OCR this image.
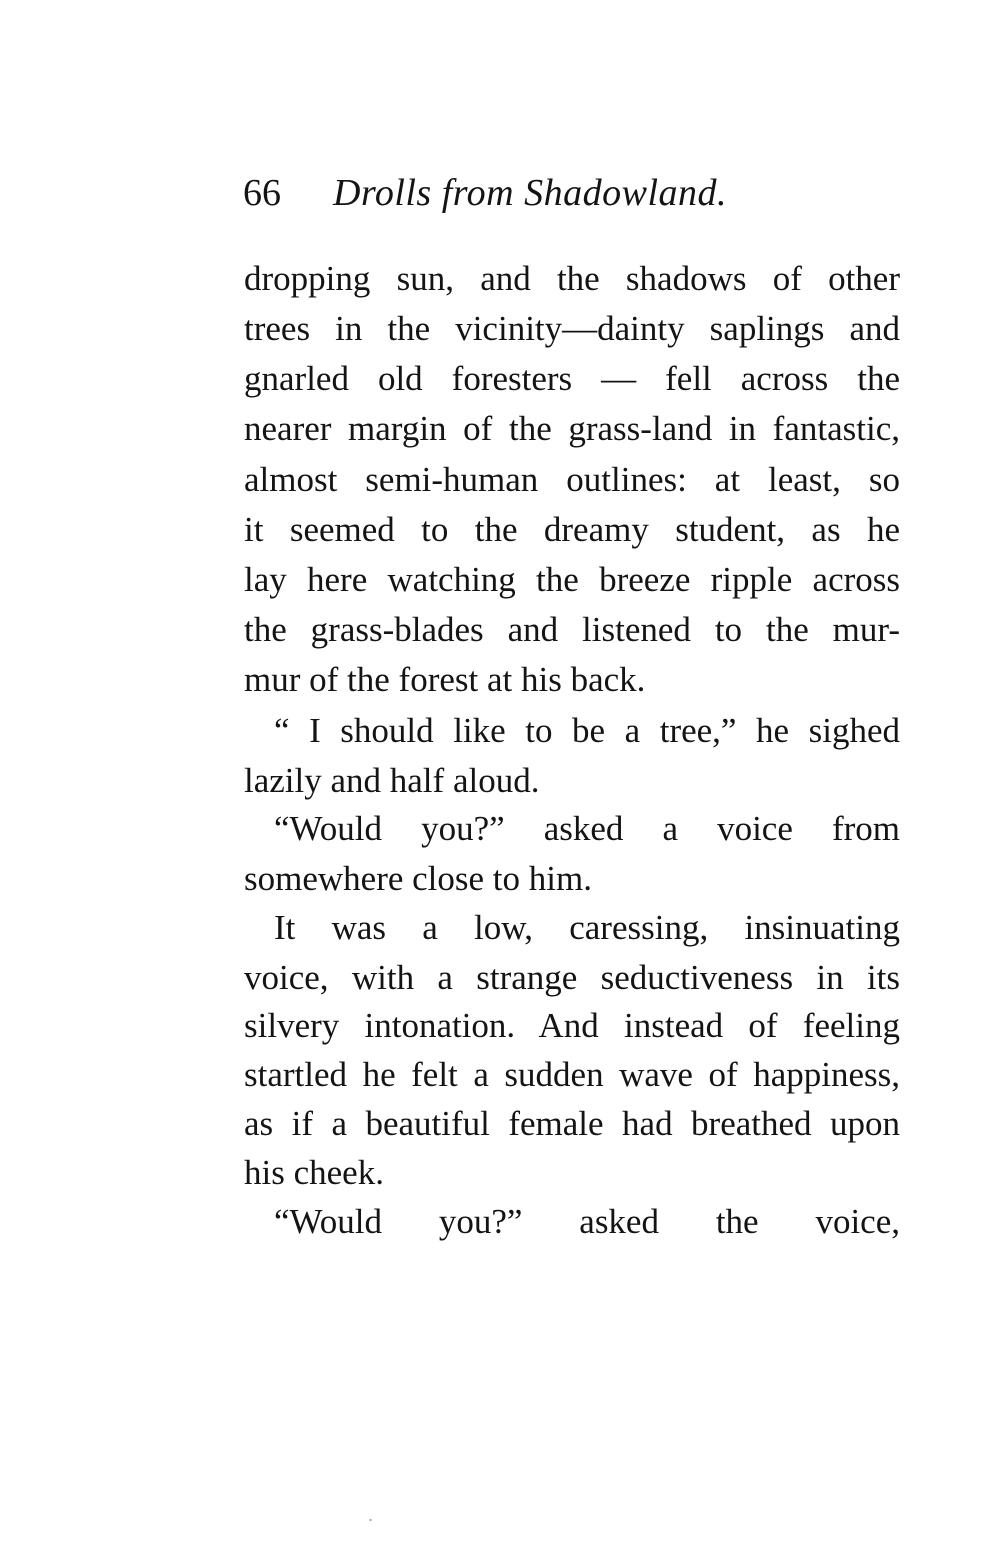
66 Drolls from Shadowland.
dropping sun, and the shadows of other
trees in the vicinity—dainty saplings and
gnarled old foresters — fell across the
nearer margin of the grass-land in fantastic,
almost semi-human outlines: at least, so
it seemed to the dreamy student, as he
lay here watching the breeze ripple across
the grass-blades and listened to the mur-
mur of the forest at his back.
“ I should like to be a tree,” he sighed
lazily and half aloud.
“Would you?” asked a voice from
somewhere close to him.
It was a low, caressing, insinuating
voice, with a strange seductiveness in its
silvery intonation. And instead of feeling
startled he felt a sudden wave of happiness,
as if a beautiful female had breathed upon
his cheek.
“Would you?” asked the voice,
